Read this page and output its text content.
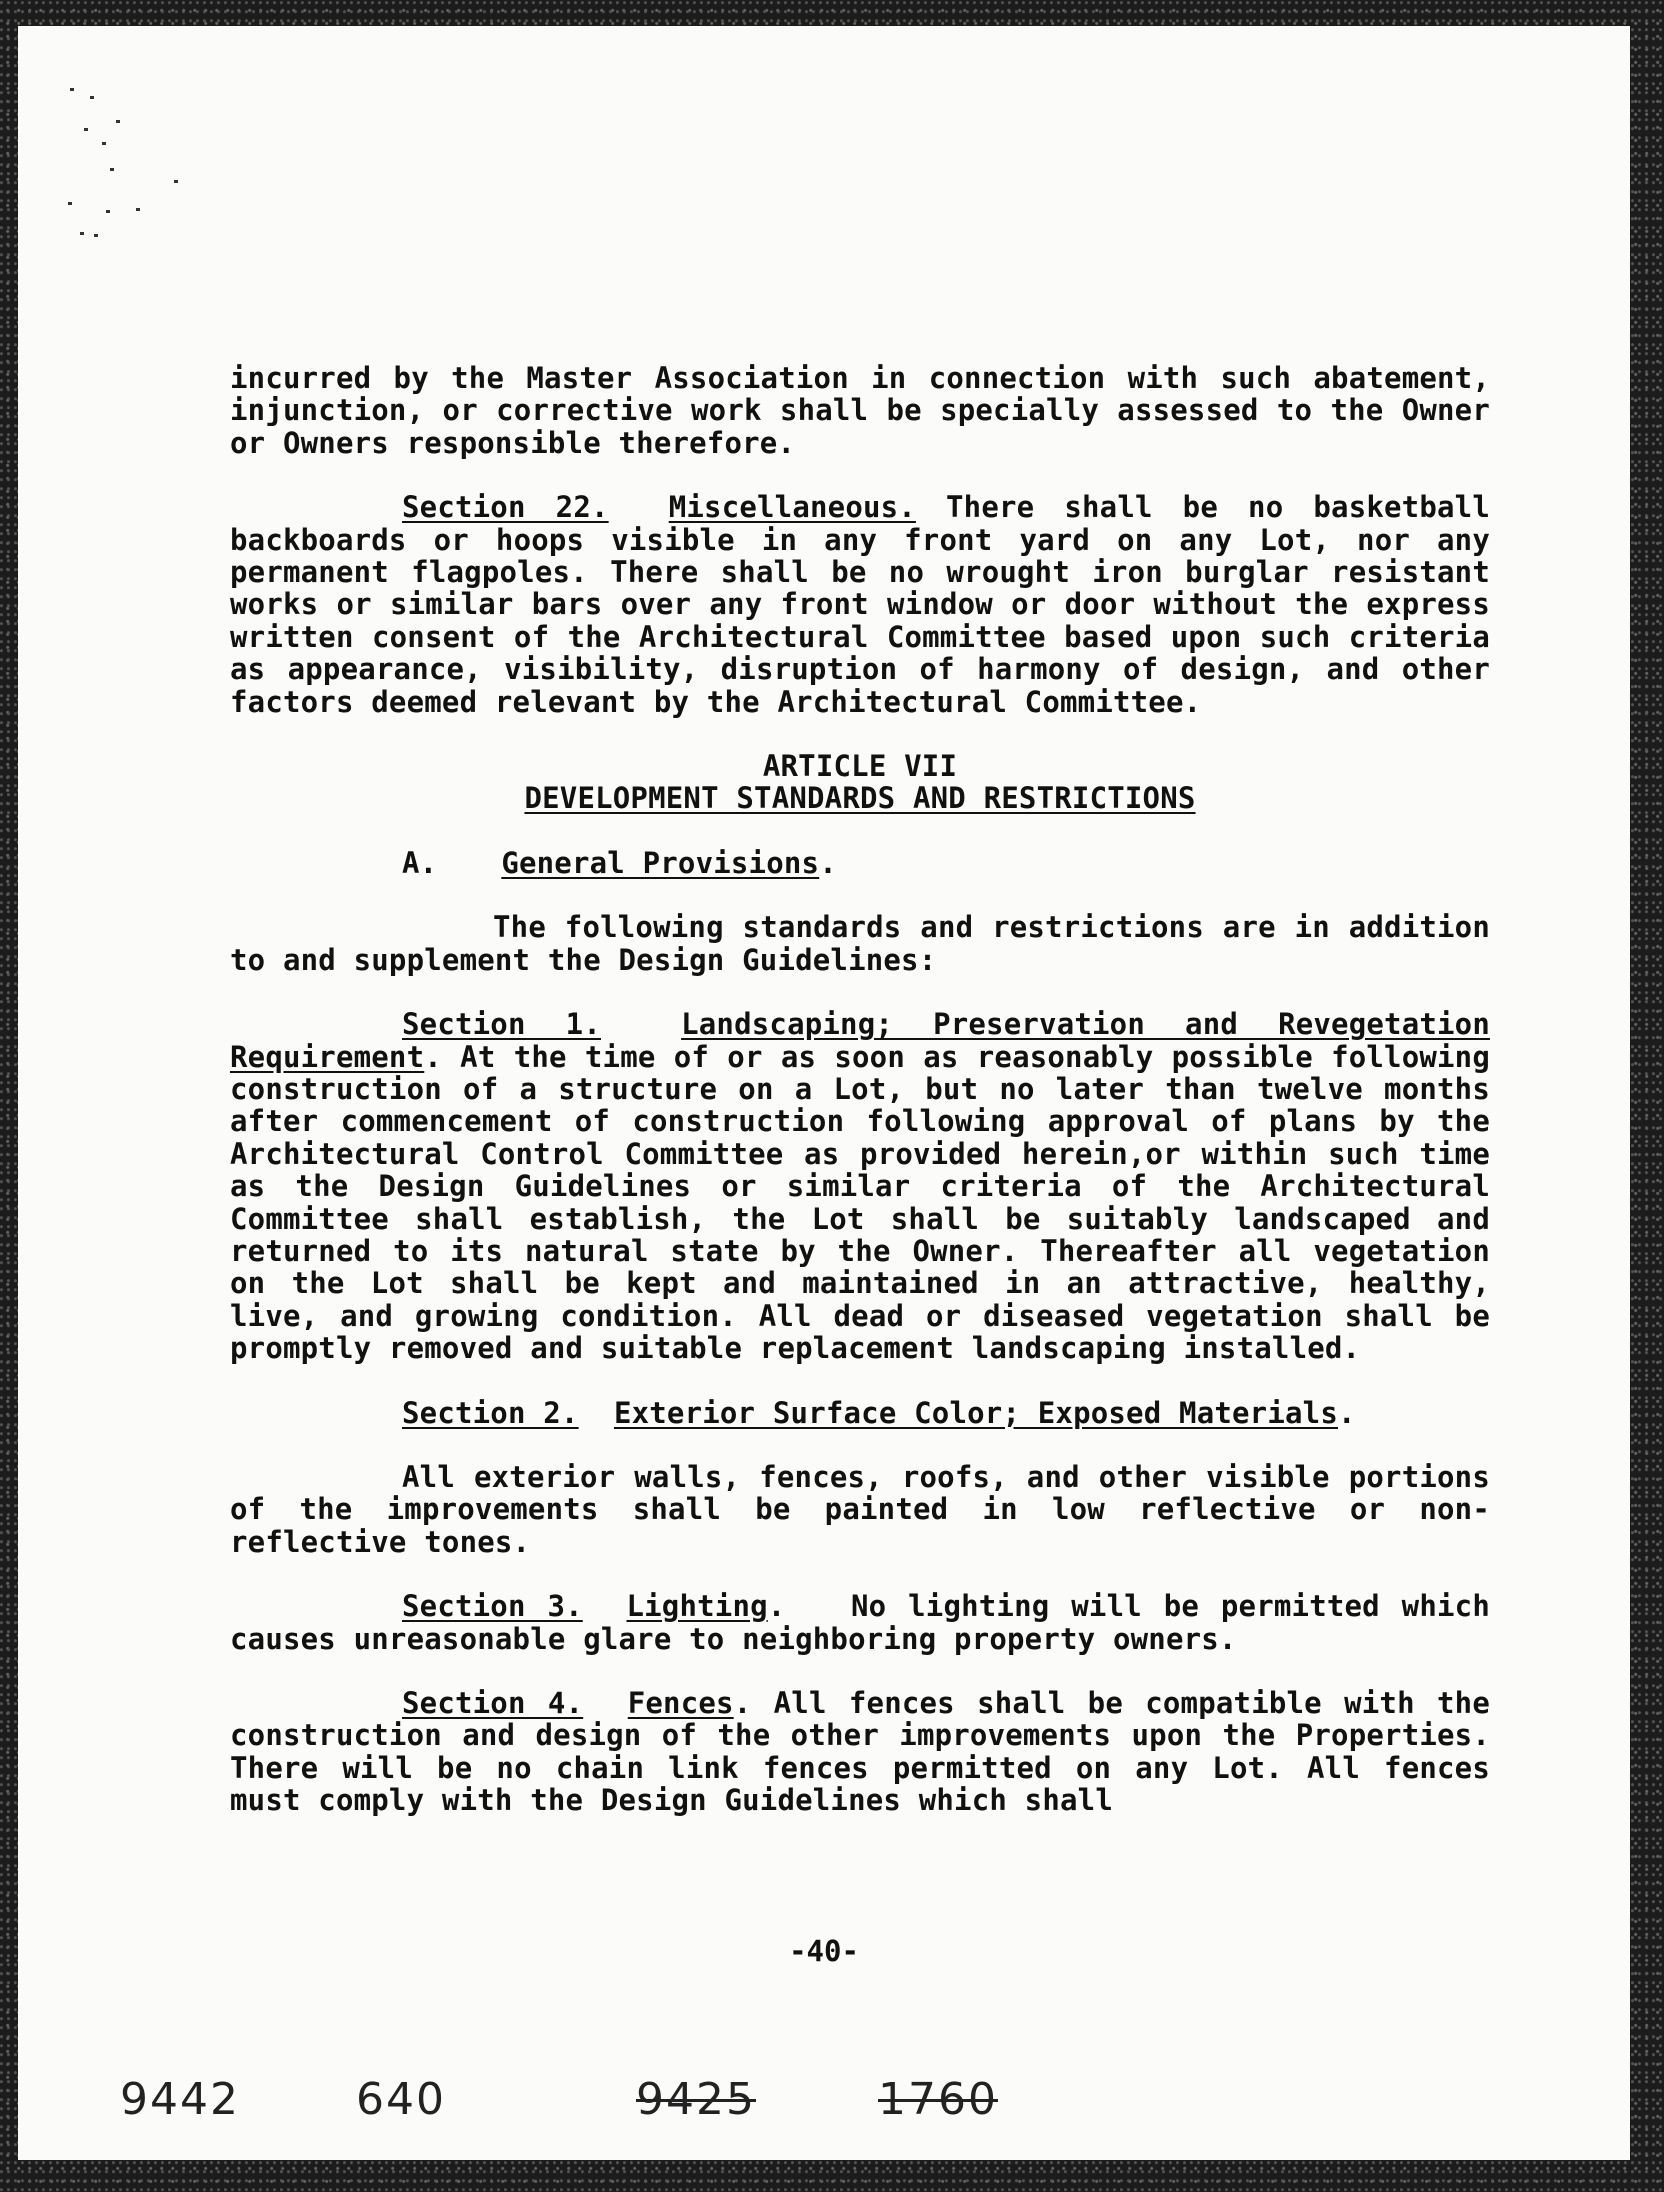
incurred by the Master Association in connection with such abatement, injunction, or corrective work shall be specially assessed to the Owner or Owners responsible therefore.

Section 22. Miscellaneous. There shall be no basketball backboards or hoops visible in any front yard on any Lot, nor any permanent flagpoles. There shall be no wrought iron burglar resistant works or similar bars over any front window or door without the express written consent of the Architectural Committee based upon such criteria as appearance, visibility, disruption of harmony of design, and other factors deemed relevant by the Architectural Committee.

ARTICLE VII

DEVELOPMENT STANDARDS AND RESTRICTIONS

A. General Provisions.

The following standards and restrictions are in addition to and supplement the Design Guidelines:

Section 1.	Landscaping; Preservation and Revegetation Requirement. At the time of or as soon as reasonably possible following construction of a structure on a Lot, but no later than twelve months after commencement of construction following approval of plans by the Architectural Control Committee as provided herein,or within such time as the Design Guidelines or similar criteria of the Architectural Committee shall establish, the Lot shall be suitably landscaped and returned to its natural state by the Owner. Thereafter all vegetation on the Lot shall be kept and maintained in an attractive, healthy, live, and growing condition. All dead or diseased vegetation shall be promptly removed and suitable replacement landscaping installed.

Section 2. Exterior Surface Color; Exposed Materials.

All exterior walls, fences, roofs, and other visible portions of the improvements shall be painted in low reflective or non-reflective tones.

Section 3. Lighting.   No lighting will be permitted which causes unreasonable glare to neighboring property owners.

Section 4. Fences. All fences shall be compatible with the construction and design of the other improvements upon the Properties. There will be no chain link fences permitted on any Lot. All fences must comply with the Design Guidelines which shall

-40-
9442	640	9425	1760
